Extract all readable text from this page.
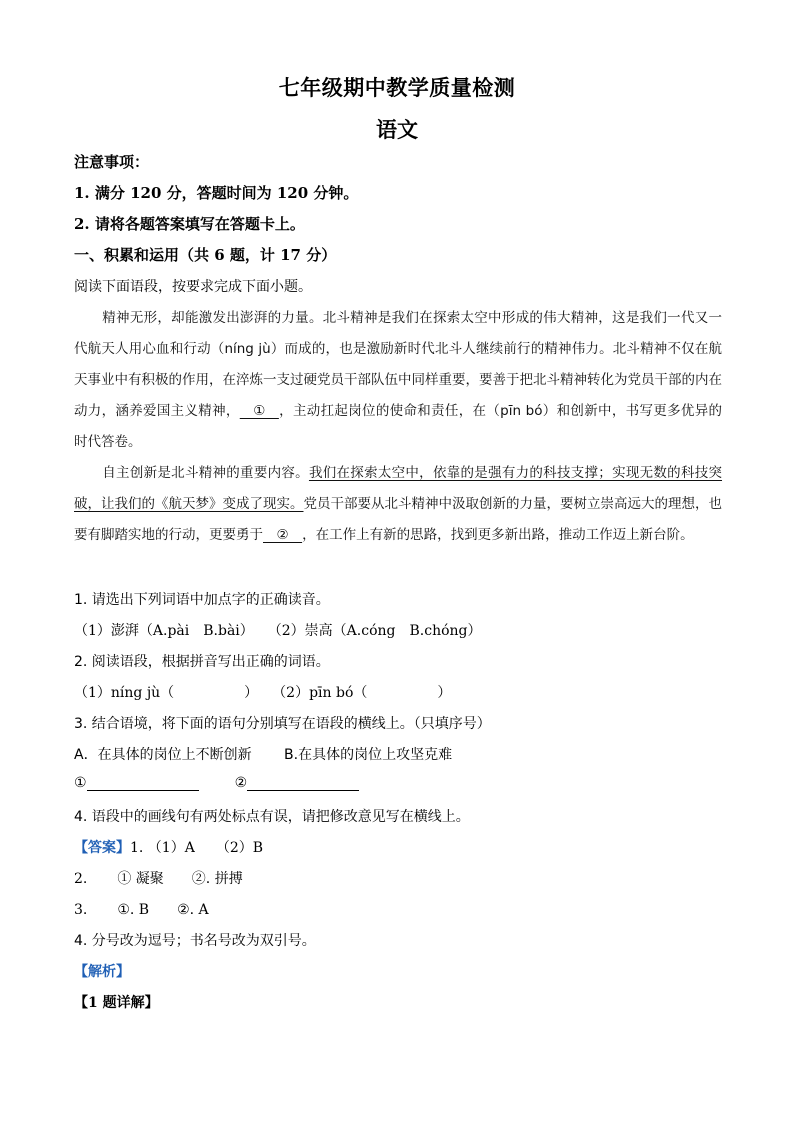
七年级期中教学质量检测
语文
注意事项：
1. 满分 120 分，答题时间为 120 分钟。
2. 请将各题答案填写在答题卡上。
一、积累和运用（共 6 题，计 17 分）
阅读下面语段，按要求完成下面小题。
精神无形，却能激发出澎湃的力量。北斗精神是我们在探索太空中形成的伟大精神，这是我们一代又一代航天人用心血和行动（níng jù）而成的，也是激励新时代北斗人继续前行的精神伟力。北斗精神不仅在航天事业中有积极的作用，在淬炼一支过硬党员干部队伍中同样重要，要善于把北斗精神转化为党员干部的内在动力，涵养爱国主义精神，　①　，主动扛起岗位的使命和责任，在（pīn bó）和创新中，书写更多优异的时代答卷。
自主创新是北斗精神的重要内容。我们在探索太空中，依靠的是强有力的科技支撑；实现无数的科技突破，让我们的《航天梦》变成了现实。党员干部要从北斗精神中汲取创新的力量，要树立崇高远大的理想，也要有脚踏实地的行动，更要勇于　②　，在工作上有新的思路，找到更多新出路，推动工作迈上新台阶。
1. 请选出下列词语中加点字的正确读音。
（1）澎湃（A.pài　B.bài）　　（2）崇高（A.cóng　B.chóng）
2. 阅读语段，根据拼音写出正确的词语。
（1）níng jù（　　　　　）　　（2）pīn bó（　　　　　）
3. 结合语境，将下面的语句分别填写在语段的横线上。（只填序号）
A．在具体的岗位上不断创新　　 B.在具体的岗位上攻坚克难
①	②
4. 语段中的画线句有两处标点有误，请把修改意见写在横线上。
【答案】1. （1）A　　（2）B
2. ① 凝聚　　②. 拼搏
3. ①. B　　②. A
4. 分号改为逗号；书名号改为双引号。
【解析】
【1 题详解】
